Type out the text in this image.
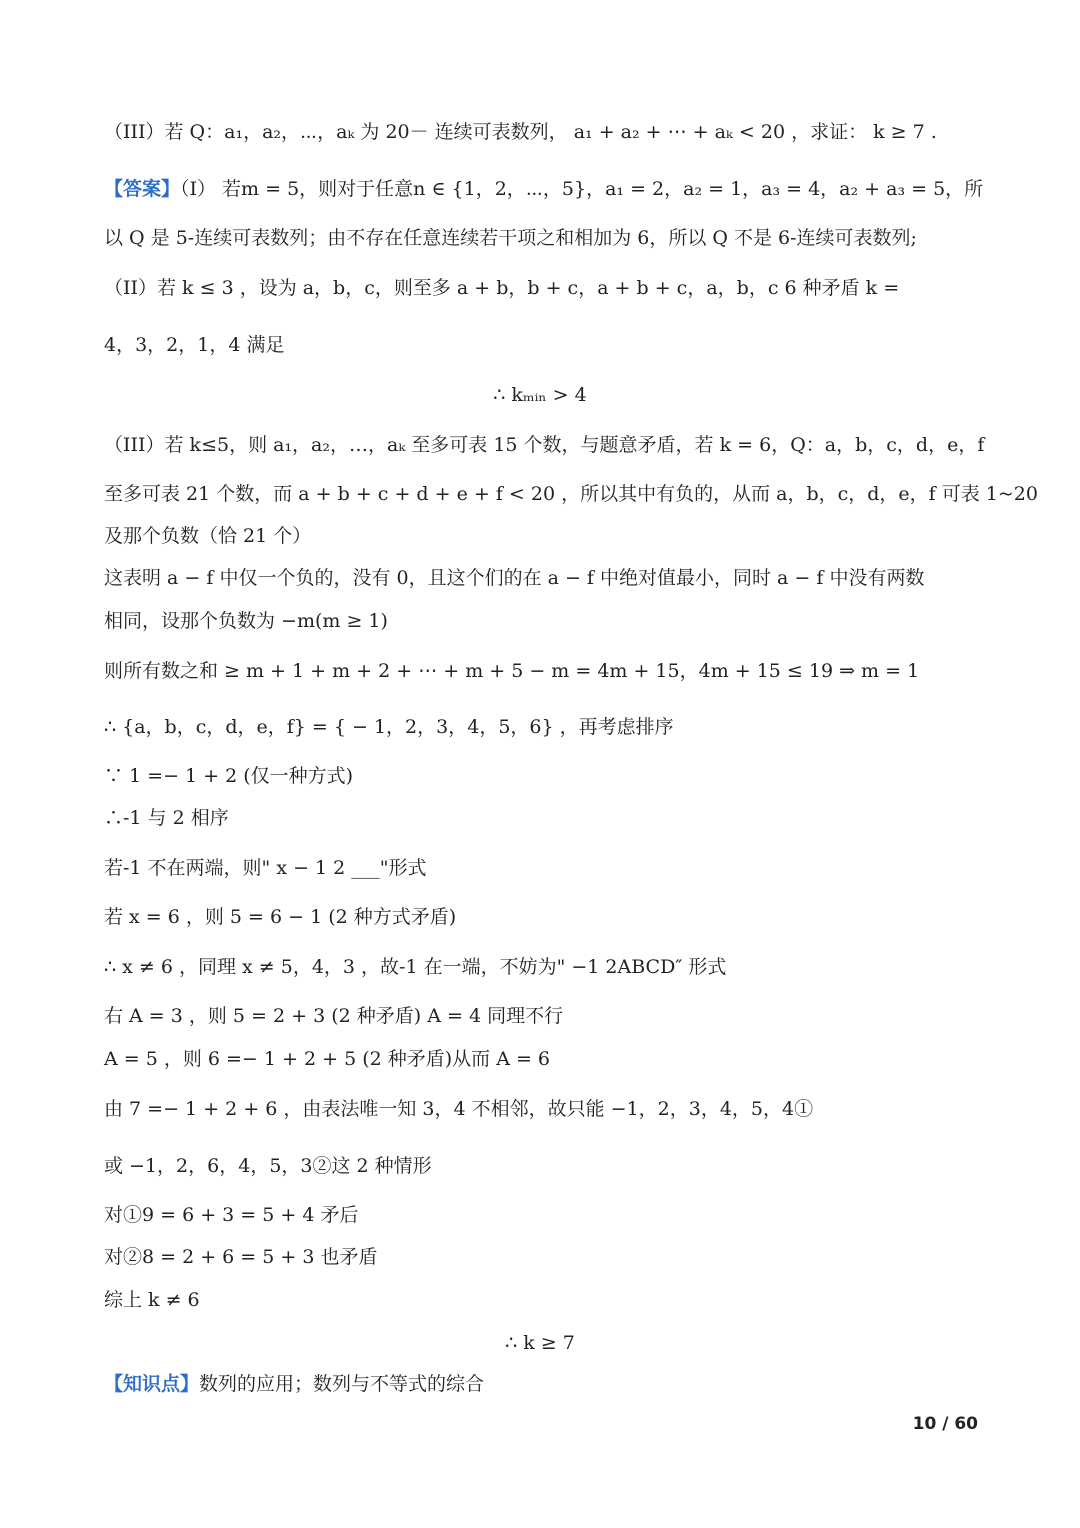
（III）若 Q：a₁，a₂，⋯，aₖ 为 20－ 连续可表数列， a₁ + a₂ + ⋯ + aₖ < 20 ，求证： k ≥ 7 .
【答案】（I） 若m = 5，则对于任意n ∈ {1，2，⋯，5}，a₁ = 2，a₂ = 1，a₃ = 4，a₂ + a₃ = 5，所
以 Q 是 5-连续可表数列；由不存在任意连续若干项之和相加为 6，所以 Q 不是 6-连续可表数列;
（II）若 k ≤ 3 ，设为 a，b，c，则至多 a + b，b + c，a + b + c，a，b，c 6 种矛盾 k =
4，3，2，1，4 满足
∴ kₘᵢₙ > 4
（III）若 k≤5，则 a₁，a₂，…，aₖ 至多可表 15 个数，与题意矛盾，若 k = 6，Q：a，b，c，d，e，f
至多可表 21 个数，而 a + b + c + d + e + f < 20 ，所以其中有负的，从而 a，b，c，d，e，f 可表 1~20
及那个负数（恰 21 个）
这表明 a − f 中仅一个负的，没有 0，且这个们的在 a − f 中绝对值最小，同时 a − f 中没有两数
相同，设那个负数为 −m(m ≥ 1)
则所有数之和 ≥ m + 1 + m + 2 + ⋯ + m + 5 − m = 4m + 15，4m + 15 ≤ 19 ⇒ m = 1
∴ {a，b，c，d，e，f} = { − 1，2，3，4，5，6} ，再考虑排序
∵ 1 =− 1 + 2 (仅一种方式)
∴-1 与 2 相序
若-1 不在两端，则" x − 1 2 ___"形式
若 x = 6 ，则 5 = 6 − 1 (2 种方式矛盾)
∴ x ≠ 6 ，同理 x ≠ 5，4，3 ，故-1 在一端，不妨为" −1 2ABCD″ 形式
右 A = 3 ，则 5 = 2 + 3 (2 种矛盾) A = 4 同理不行
A = 5 ，则 6 =− 1 + 2 + 5 (2 种矛盾)从而 A = 6
由 7 =− 1 + 2 + 6 ，由表法唯一知 3，4 不相邻，故只能 −1，2，3，4，5，4①
或 −1，2，6，4，5，3②这 2 种情形
对①9 = 6 + 3 = 5 + 4 矛后
对②8 = 2 + 6 = 5 + 3 也矛盾
综上 k ≠ 6
∴ k ≥ 7
【知识点】数列的应用；数列与不等式的综合
10 / 60
